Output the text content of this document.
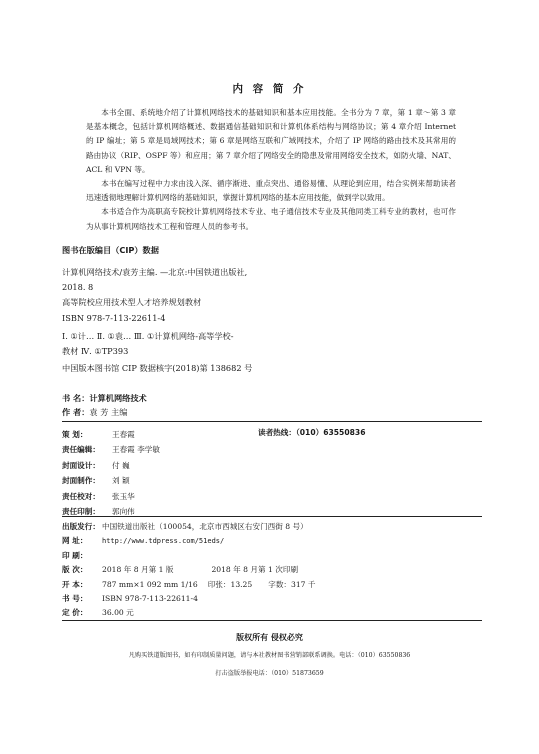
内 容 简 介

本书全面、系统地介绍了计算机网络技术的基础知识和基本应用技能。全书分为 7 章，第 1 章～第 3 章是基本概念，包括计算机网络概述、数据通信基础知识和计算机体系结构与网络协议；第 4 章介绍 Internet 的 IP 编址；第 5 章是局域网技术；第 6 章是网络互联和广域网技术，介绍了 IP 网络的路由技术及其常用的路由协议（RIP、OSPF 等）和应用；第 7 章介绍了网络安全的隐患及常用网络安全技术，如防火墙、NAT、ACL 和 VPN 等。

本书在编写过程中力求由浅入深、循序渐进、重点突出、通俗易懂、从理论到应用，结合实例来帮助读者迅速透彻地理解计算机网络的基础知识，掌握计算机网络的基本应用技能，做到学以致用。

本书适合作为高职高专院校计算机网络技术专业、电子通信技术专业及其他同类工科专业的教材，也可作为从事计算机网络技术工程和管理人员的参考书。

图书在版编目（CIP）数据
计算机网络技术/袁芳主编. —北京:中国铁道出版社,
2018. 8
高等院校应用技术型人才培养规划教材
ISBN 978-7-113-22611-4
Ⅰ. ①计… Ⅱ. ①袁… Ⅲ. ①计算机网络-高等学校-
教材 Ⅳ. ①TP393
中国版本图书馆 CIP 数据核字(2018)第 138682 号
书 名：计算机网络技术
作 者：袁 芳 主编
策 划：	王春霞
责任编辑： 王春霞 李学敏
封面设计： 付 巍
封面制作： 刘 颖
责任校对： 张玉华
责任印制： 郭向伟
读者热线：（010）63550836
出版发行： 中国铁道出版社（100054，北京市西城区右安门西街 8 号）
网 址： http://www.tdpress.com/51eds/
印 刷：
版 次： 2018 年 8 月第 1 版	2018 年 8 月第 1 次印刷
开 本： 787 mm×1 092 mm 1/16 印张：13.25 字数：317 千
书 号： ISBN 978-7-113-22611-4
定 价： 36.00 元
版权所有 侵权必究
凡购买铁道版图书，如有印制质量问题，请与本社教材图书营销部联系调换。电话：（010）63550836
打击盗版举报电话：（010）51873659
